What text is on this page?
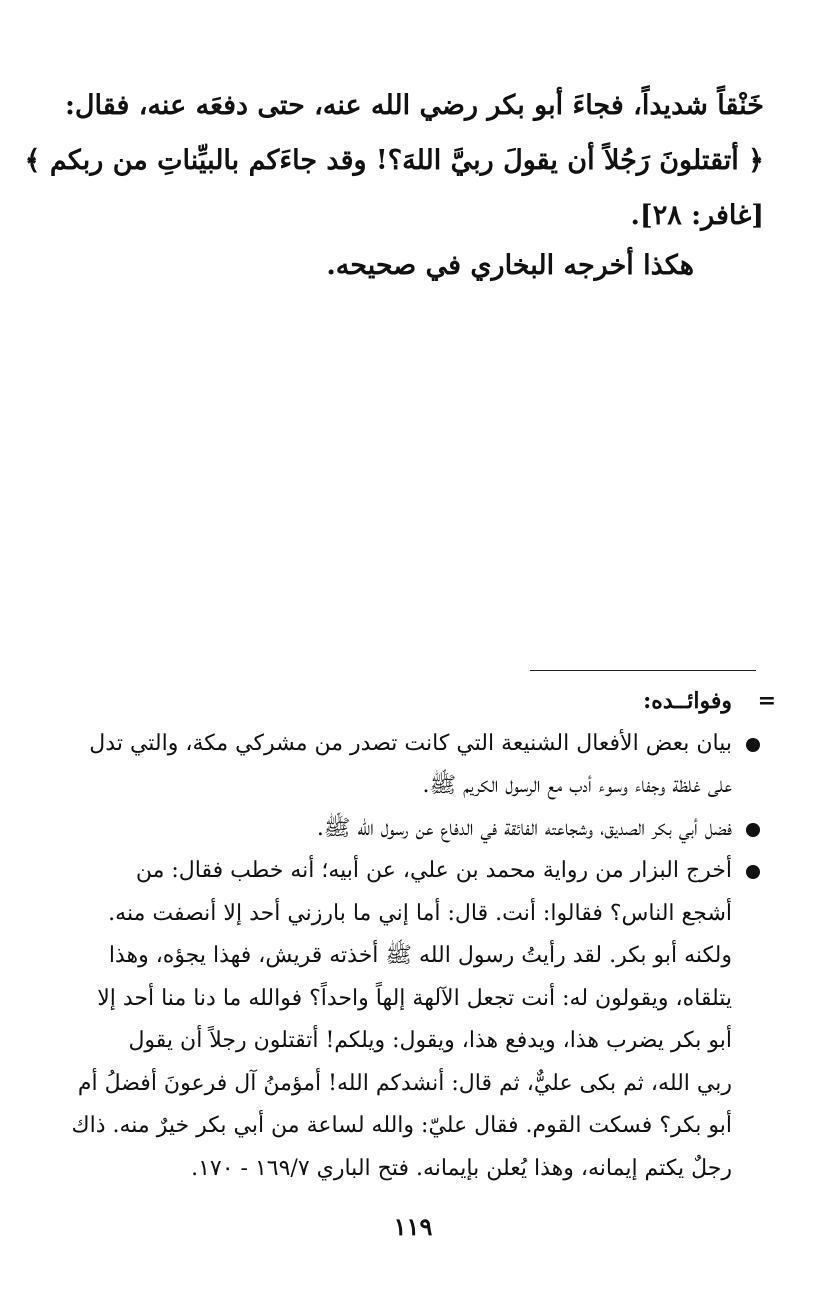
خَنْقاً شديداً، فجاءَ أبو بكر رضي الله عنه، حتى دفعَه عنه، فقال:
﴿ أتقتلونَ رَجُلاً أن يقولَ ربيَّ اللهَ؟! وقد جاءَكم بالبيِّناتِ من ربكم ﴾
[غافر: ٢٨].
هكذا أخرجه البخاري في صحيحه.
=
وفوائــده:
بيان بعض الأفعال الشنيعة التي كانت تصدر من مشركي مكة، والتي تدل
على غلظة وجفاء وسوء أدب مع الرسول الكريم ﷺ.
فضل أبي بكر الصديق، وشجاعته الفائقة في الدفاع عن رسول الله ﷺ.
أخرج البزار من رواية محمد بن علي، عن أبيه؛ أنه خطب فقال: من
أشجع الناس؟ فقالوا: أنت. قال: أما إني ما بارزني أحد إلا أنصفت منه.
ولكنه أبو بكر. لقد رأيتُ رسول الله ﷺ أخذته قريش، فهذا يجؤه، وهذا
يتلقاه، ويقولون له: أنت تجعل الآلهة إلهاً واحداً؟ فوالله ما دنا منا أحد إلا
أبو بكر يضرب هذا، ويدفع هذا، ويقول: ويلكم! أتقتلون رجلاً أن يقول
ربي الله، ثم بكى عليٌّ، ثم قال: أنشدكم الله! أمؤمنُ آل فرعونَ أفضلُ أم
أبو بكر؟ فسكت القوم. فقال عليّ: والله لساعة من أبي بكر خيرٌ منه. ذاك
رجلٌ يكتم إيمانه، وهذا يُعلن بإيمانه. فتح الباري ١٦٩/٧ - ١٧٠.
١١٩
